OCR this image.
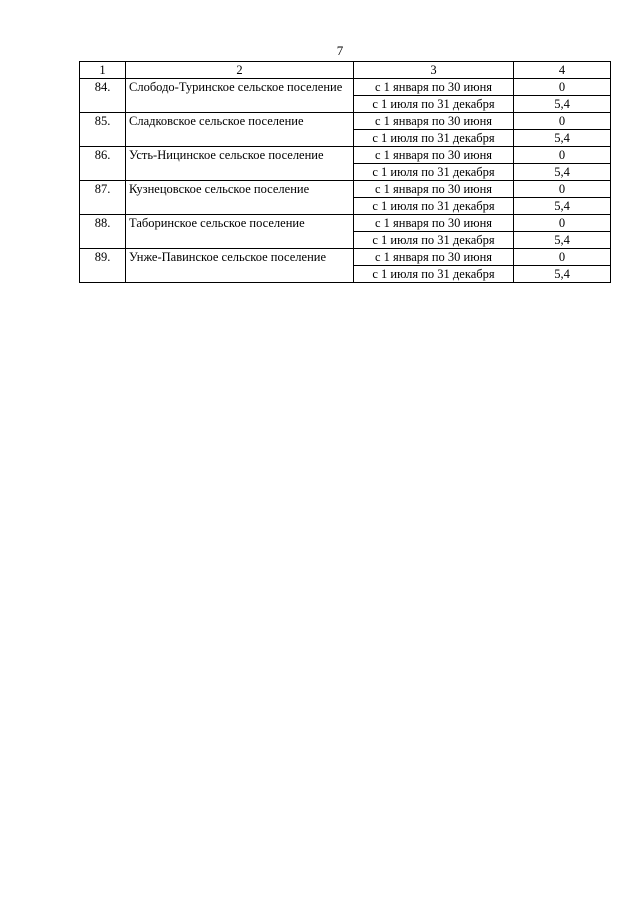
7
1	2	3	4
84.	Слободо-Туринское сельское поселение	с 1 января по 30 июня	0
		с 1 июля по 31 декабря	5,4
85.	Сладковское сельское поселение	с 1 января по 30 июня	0
		с 1 июля по 31 декабря	5,4
86.	Усть-Ницинское сельское поселение	с 1 января по 30 июня	0
		с 1 июля по 31 декабря	5,4
87.	Кузнецовское сельское поселение	с 1 января по 30 июня	0
		с 1 июля по 31 декабря	5,4
88.	Таборинское сельское поселение	с 1 января по 30 июня	0
		с 1 июля по 31 декабря	5,4
89.	Унже-Павинское сельское поселение	с 1 января по 30 июня	0
		с 1 июля по 31 декабря	5,4
